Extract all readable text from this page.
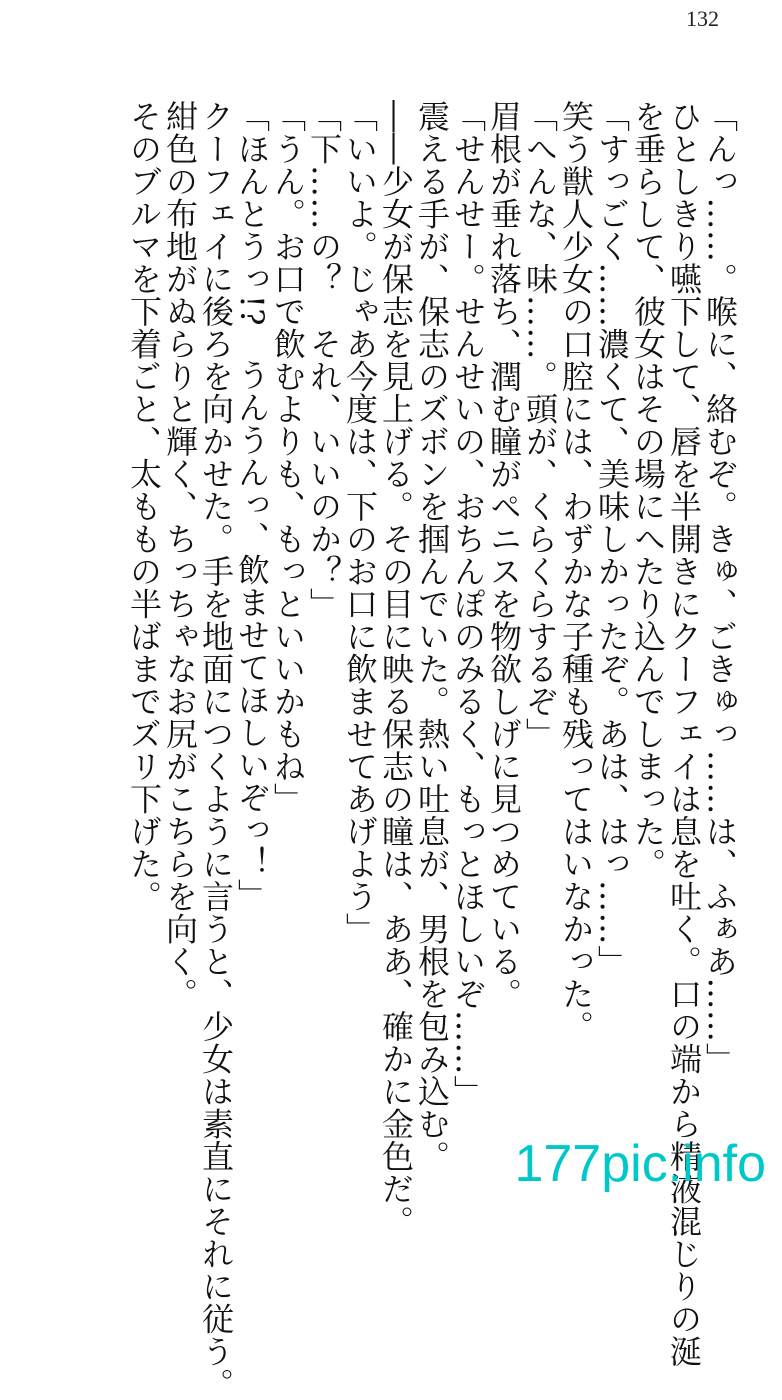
132
「んっ……。喉に、絡むぞ。きゅ、ごきゅっ……は、ふぁあ……」
ひとしきり嚥下して、唇を半開きにクーフェイは息を吐く。口の端から精液混じりの涎
を垂らして、彼女はその場にへたり込んでしまった。
「すっごく……濃くて、美味しかったぞ。あは、はっ……」
笑う獣人少女の口腔には、わずかな子種も残ってはいなかった。
「へんな、味……。頭が、くらくらするぞ」
眉根が垂れ落ち、潤む瞳がペニスを物欲しげに見つめている。
「せんせー。せんせいの、おちんぽのみるく、もっとほしいぞ……」
震える手が、保志のズボンを掴んでいた。熱い吐息が、男根を包み込む。
――少女が保志を見上げる。その目に映る保志の瞳は、ああ、確かに金色だ。
「いいよ。じゃあ今度は、下のお口に飲ませてあげよう」
「下……の？　それ、いいのか？」
「うん。お口で飲むよりも、もっといいかもね」
「ほんとうっ!?　うんうんっ、飲ませてほしいぞっ！」
クーフェイに後ろを向かせた。手を地面につくように言うと、少女は素直にそれに従う。
紺色の布地がぬらりと輝く、ちっちゃなお尻がこちらを向く。
そのブルマを下着ごと、太ももの半ばまでズリ下げた。
177pic.info
